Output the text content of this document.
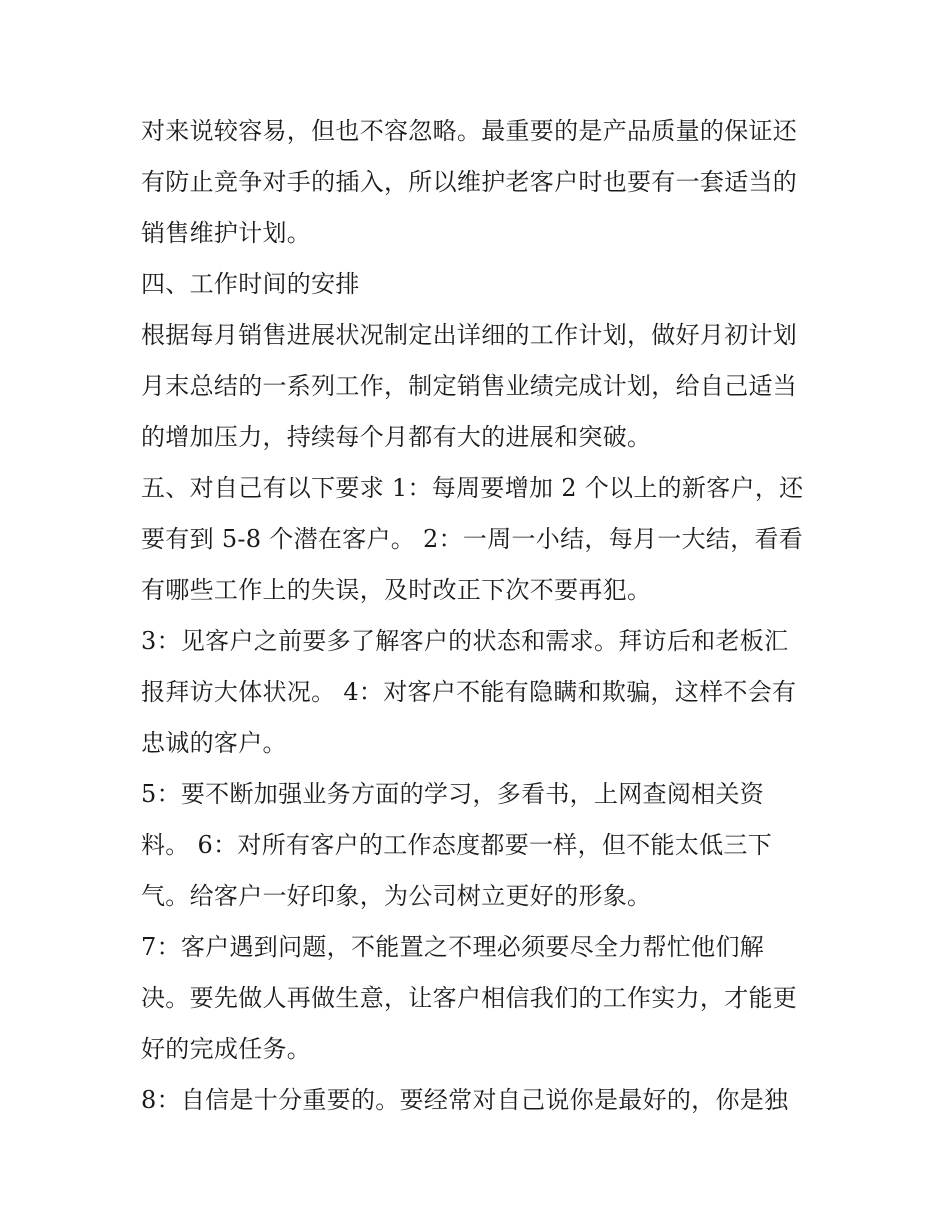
对来说较容易，但也不容忽略。最重要的是产品质量的保证还
有防止竞争对手的插入，所以维护老客户时也要有一套适当的
销售维护计划。
四、工作时间的安排
根据每月销售进展状况制定出详细的工作计划，做好月初计划
月末总结的一系列工作，制定销售业绩完成计划，给自己适当
的增加压力，持续每个月都有大的进展和突破。
五、对自己有以下要求 1：每周要增加 2 个以上的新客户，还
要有到 5-8 个潜在客户。 2：一周一小结，每月一大结，看看
有哪些工作上的失误，及时改正下次不要再犯。
3：见客户之前要多了解客户的状态和需求。拜访后和老板汇
报拜访大体状况。 4：对客户不能有隐瞒和欺骗，这样不会有
忠诚的客户。
5：要不断加强业务方面的学习，多看书，上网查阅相关资
料。 6：对所有客户的工作态度都要一样，但不能太低三下
气。给客户一好印象，为公司树立更好的形象。
7：客户遇到问题，不能置之不理必须要尽全力帮忙他们解
决。要先做人再做生意，让客户相信我们的工作实力，才能更
好的完成任务。
8：自信是十分重要的。要经常对自己说你是最好的，你是独
